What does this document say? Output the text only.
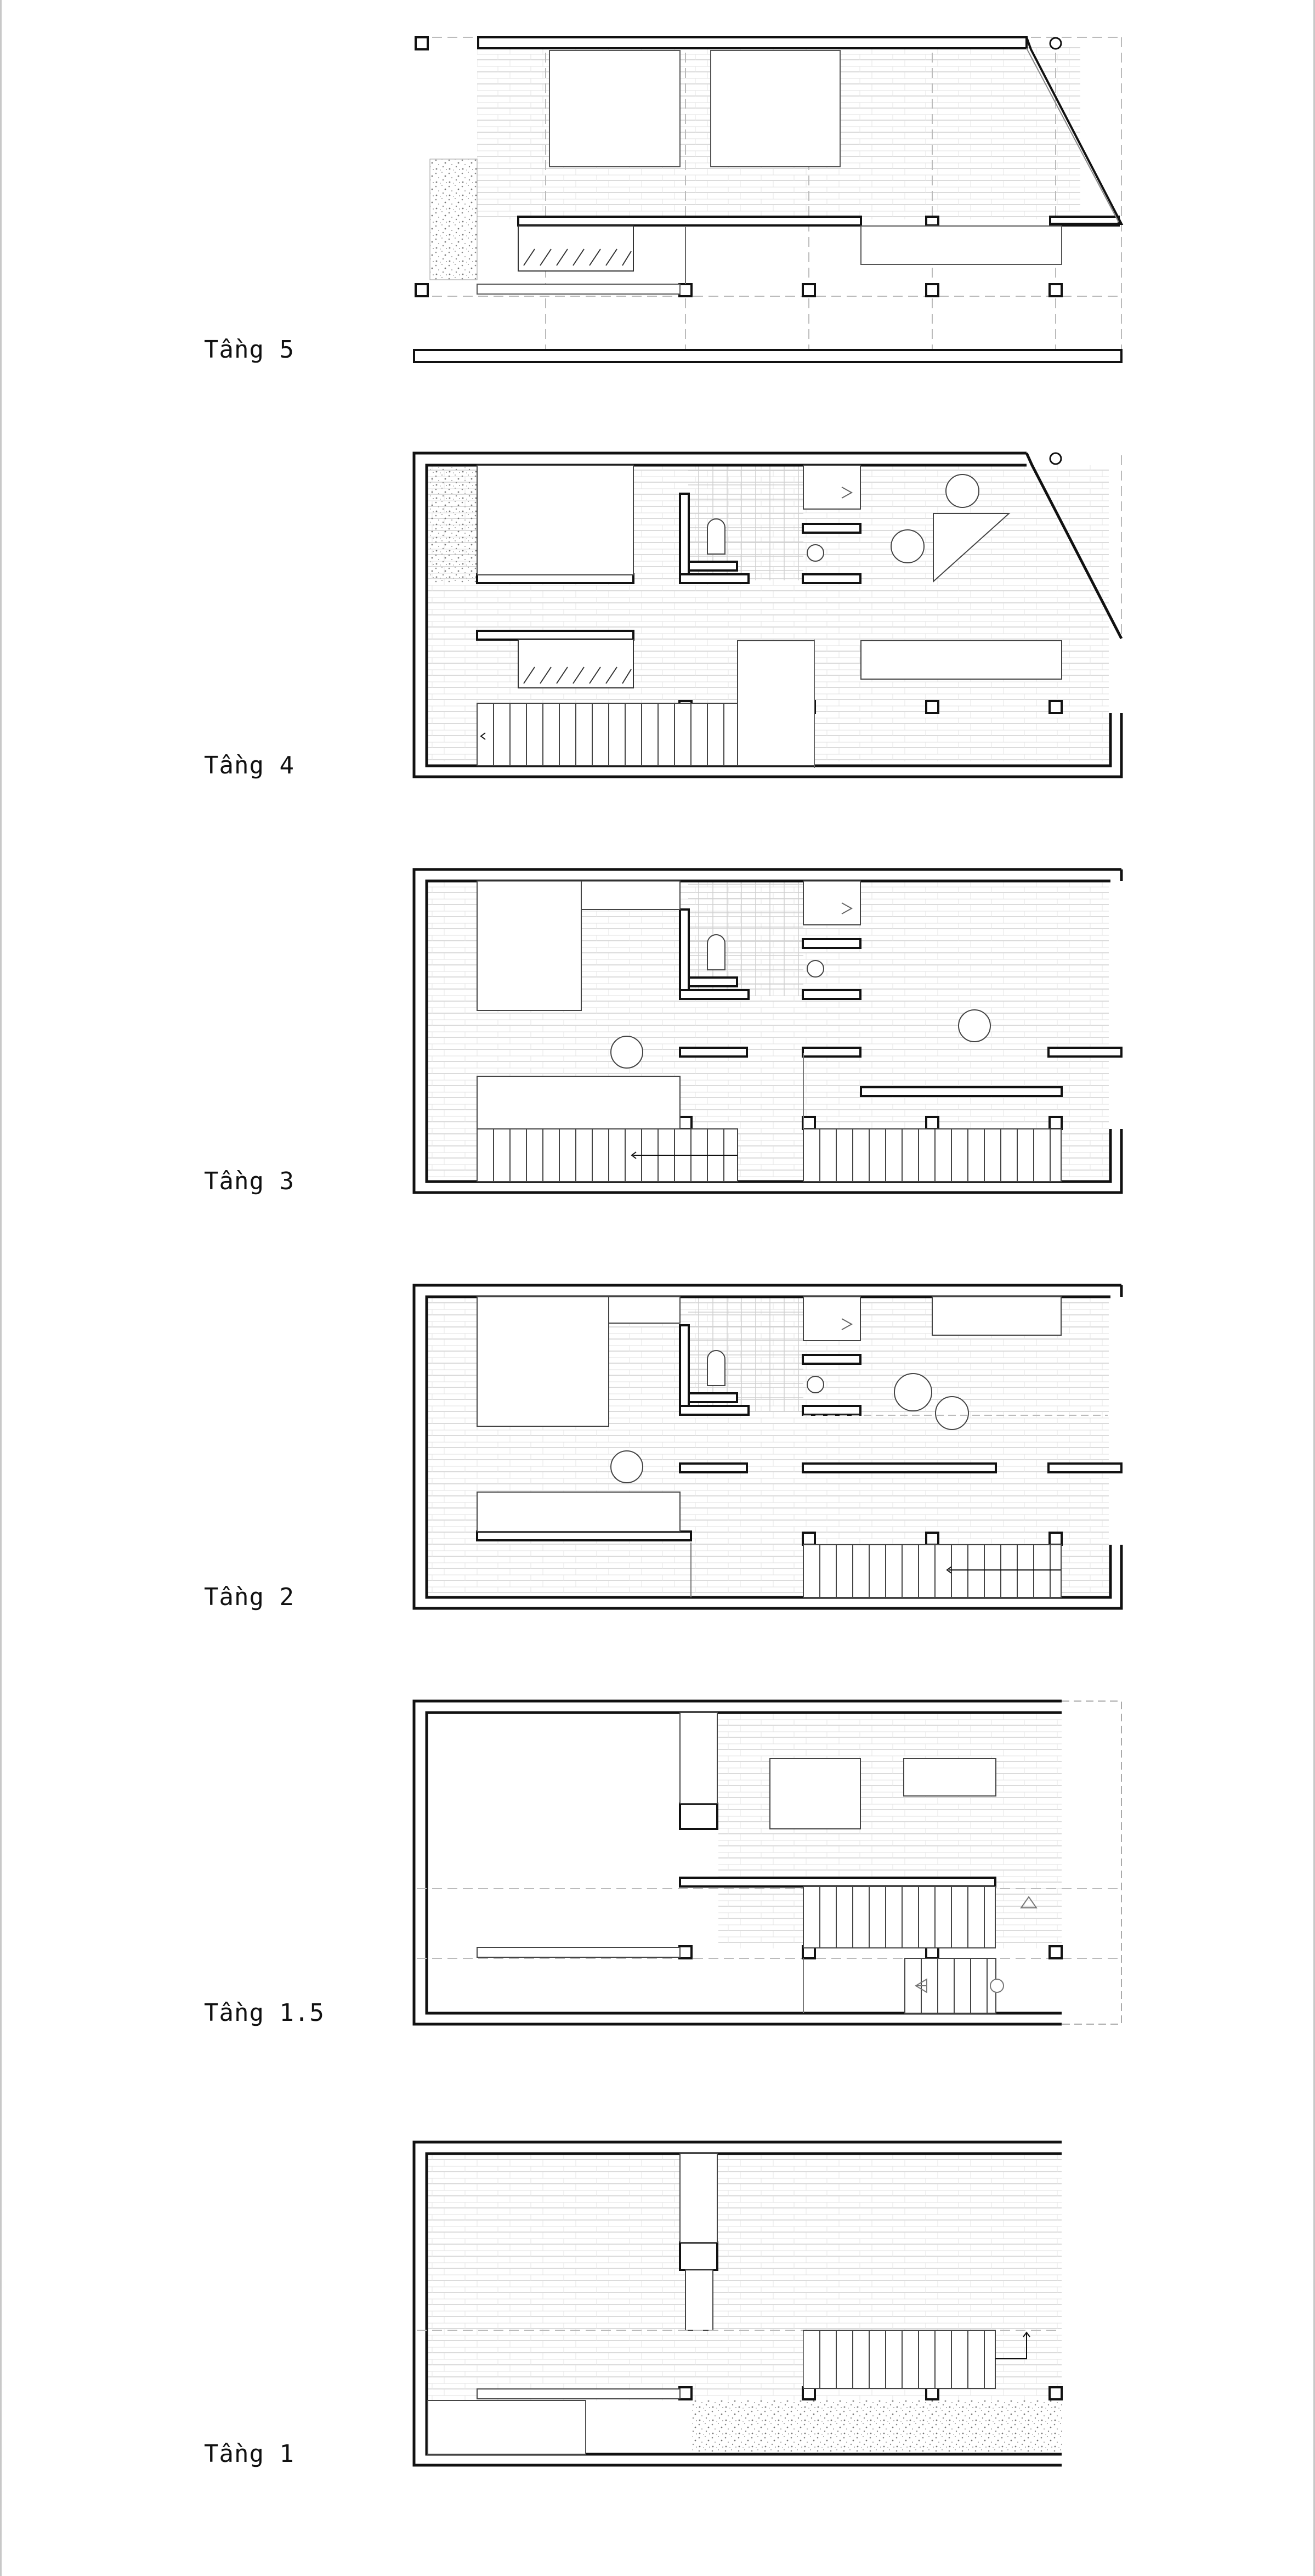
Tầng 5
Tầng 4
Tầng 3
Tầng 2
Tầng 1.5
Tầng 1
